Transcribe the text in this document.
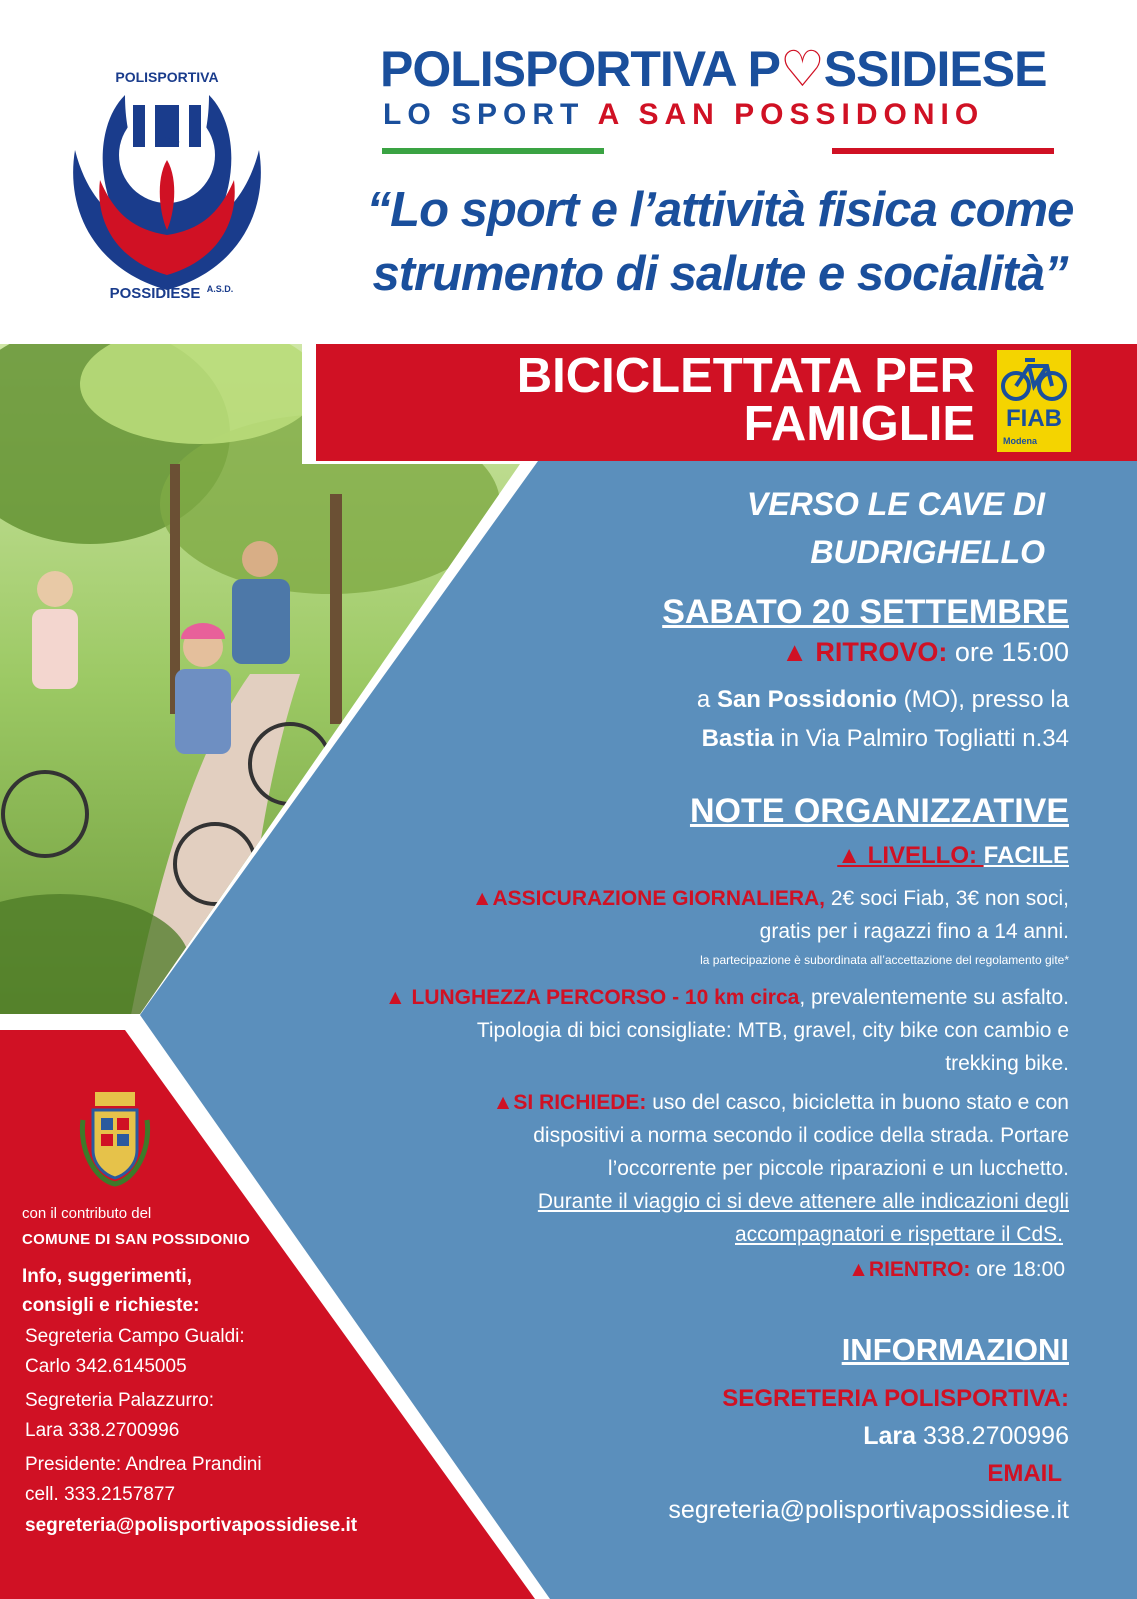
POLISPORTIVA
2014
POSSIDIESE A.S.D.
POLISPORTIVA P♡SSIDIESE
LO SPORT A SAN POSSIDONIO
“Lo sport e l’attività fisica come
strumento di salute e socialità”
BICICLETTATA PER
FAMIGLIE	FIAB
Modena
VERSO LE CAVE DI
BUDRIGHELLO
SABATO 20 SETTEMBRE
▲ RITROVO: ore 15:00
a San Possidonio (MO), presso la
Bastia in Via Palmiro Togliatti n.34
NOTE ORGANIZZATIVE
▲ LIVELLO: FACILE
▲ASSICURAZIONE GIORNALIERA, 2€ soci Fiab, 3€ non soci,
gratis per i ragazzi fino a 14 anni.
la partecipazione è subordinata all’accettazione del regolamento gite*
▲ LUNGHEZZA PERCORSO - 10 km circa, prevalentemente su asfalto.
Tipologia di bici consigliate: MTB, gravel, city bike con cambio e
trekking bike.
▲SI RICHIEDE: uso del casco, bicicletta in buono stato e con
dispositivi a norma secondo il codice della strada. Portare
l’occorrente per piccole riparazioni e un lucchetto.
Durante il viaggio ci si deve attenere alle indicazioni degli
accompagnatori e rispettare il CdS.
▲RIENTRO: ore 18:00
INFORMAZIONI
SEGRETERIA POLISPORTIVA:
Lara 338.2700996
EMAIL
segreteria@polisportivapossidiese.it
con il contributo del
COMUNE DI SAN POSSIDONIO
Info, suggerimenti,
consigli e richieste:
Segreteria Campo Gualdi:
Carlo 342.6145005
Segreteria Palazzurro:
Lara 338.2700996
Presidente: Andrea Prandini
cell. 333.2157877
segreteria@polisportivapossidiese.it
